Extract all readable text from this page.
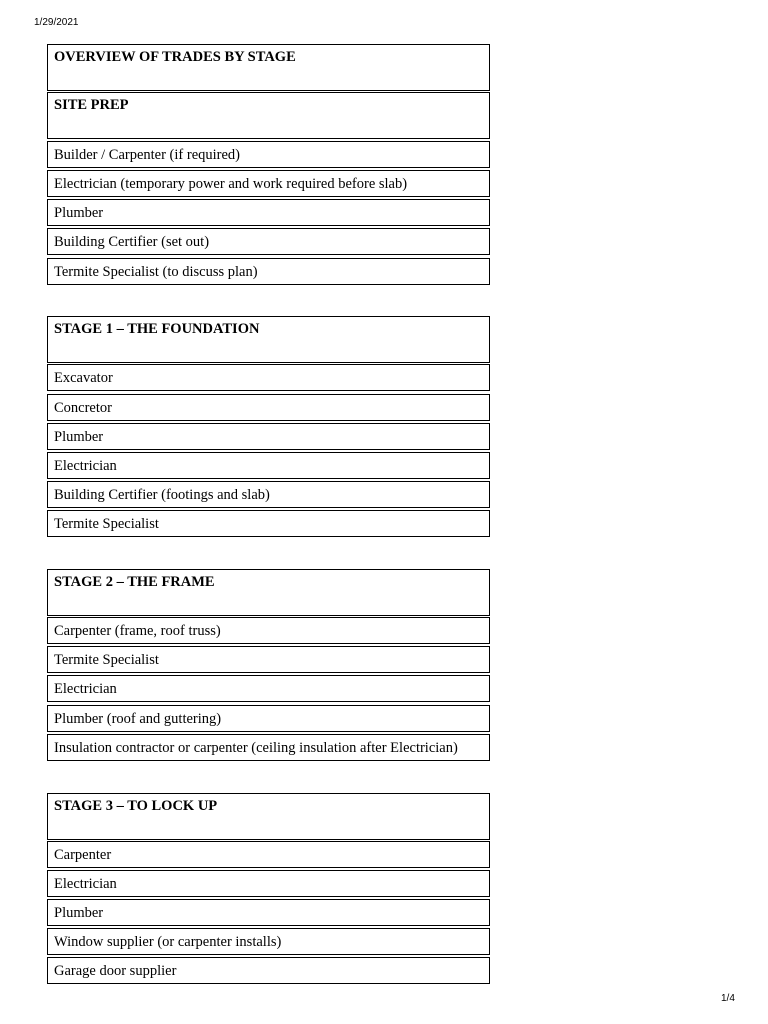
1/29/2021
OVERVIEW OF TRADES BY STAGE
SITE PREP
Builder / Carpenter (if required)
Electrician (temporary power and work required before slab)
Plumber
Building Certifier (set out)
Termite Specialist (to discuss plan)
STAGE 1 – THE FOUNDATION
Excavator
Concretor
Plumber
Electrician
Building Certifier (footings and slab)
Termite Specialist
STAGE 2 – THE FRAME
Carpenter (frame, roof truss)
Termite Specialist
Electrician
Plumber (roof and guttering)
Insulation contractor or carpenter (ceiling insulation after Electrician)
STAGE 3 – TO LOCK UP
Carpenter
Electrician
Plumber
Window supplier (or carpenter installs)
Garage door supplier
1/4
